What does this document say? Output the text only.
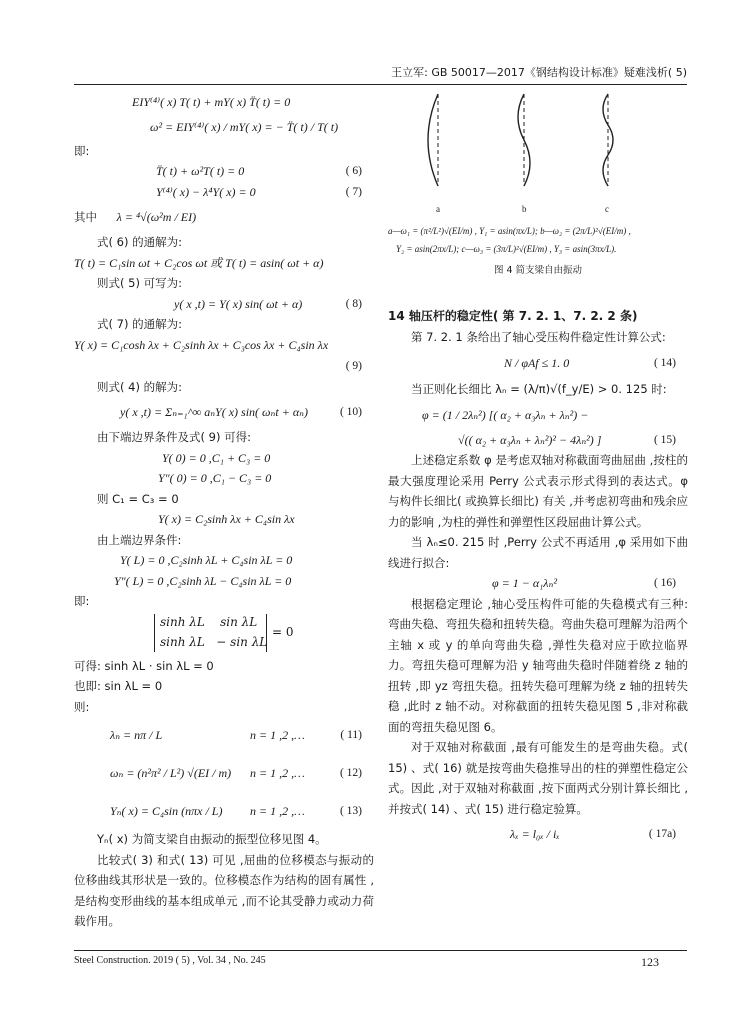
王立军: GB 50017—2017《钢结构设计标准》疑难浅析( 5)

EIY⁽⁴⁾( x) T( t) + mY( x) T̈( t) = 0

ω² = EIY⁽⁴⁾( x) / mY( x) = − T̈( t) / T( t)

即:

T̈( t) + ω²T( t) = 0	( 6)

Y⁽⁴⁾( x) − λ⁴Y( x) = 0	( 7)

其中 λ = ⁴√(ω²m / EI)

式( 6) 的通解为:

T( t) = C₁sin ωt + C₂cos ωt 或 T( t) = asin( ωt + α)

则式( 5) 可写为:

y( x ,t) = Y( x) sin( ωt + α)	( 8)

式( 7) 的通解为:

Y( x) = C₁cosh λx + C₂sinh λx + C₃cos λx + C₄sin λx

( 9)

则式( 4) 的解为:

y( x ,t) = Σₙ₌₁^∞ aₙY( x) sin( ωₙt + αₙ)	( 10)

由下端边界条件及式( 9) 可得:

Y( 0) = 0 ,C₁ + C₃ = 0

Y″( 0) = 0 ,C₁ − C₃ = 0

则 C₁ = C₃ = 0

Y( x) = C₂sinh λx + C₄sin λx

由上端边界条件:

Y( L) = 0 ,C₂sinh λL + C₄sin λL = 0

Y″( L) = 0 ,C₂sinh λL − C₄sin λL = 0

即:

sinh λL    sin λL
sinh λL   − sin λL
= 0

可得: sinh λL · sin λL = 0

也即: sin λL = 0

则:

λₙ = nπ / L	n = 1 ,2 ,…	( 11)

ωₙ = (n²π² / L²) √(EI / m) n = 1 ,2 ,…	( 12)

Yₙ( x) = C₄sin (nπx / L) n = 1 ,2 ,…	( 13)

Yₙ( x) 为简支梁自由振动的振型位移见图 4。

比较式( 3) 和式( 13) 可见 ,屈曲的位移模态与振动的位移曲线其形状是一致的。位移模态作为结构的固有属性 ,是结构变形曲线的基本组成单元 ,而不论其受静力或动力荷载作用。

a	b	c
a—ω₁ = (π²/L²)√(EI/m) , Y₁ = asin(πx/L); b—ω₂ = (2π/L)²√(EI/m) ,
Y₂ = asin(2πx/L); c—ω₃ = (3π/L)²√(EI/m) , Y₃ = asin(3πx/L).
图 4 简支梁自由振动

14 轴压杆的稳定性( 第 7. 2. 1、7. 2. 2 条)

第 7. 2. 1 条给出了轴心受压构件稳定性计算公式:

N / φAf ≤ 1. 0	( 14)

当正则化长细比 λₙ = (λ/π)√(f_y/E) > 0. 125 时:

φ = (1 / 2λₙ²) [( α₂ + α₃λₙ + λₙ²) −

√(( α₂ + α₃λₙ + λₙ²)² − 4λₙ²) ]	( 15)

上述稳定系数 φ 是考虑双轴对称截面弯曲屈曲 ,按柱的最大强度理论采用 Perry 公式表示形式得到的表达式。φ 与构件长细比( 或换算长细比) 有关 ,并考虑初弯曲和残余应力的影响 ,为柱的弹性和弹塑性区段屈曲计算公式。

当 λₙ≤0. 215 时 ,Perry 公式不再适用 ,φ 采用如下曲线进行拟合:

φ = 1 − α₁λₙ²	( 16)

根据稳定理论 ,轴心受压构件可能的失稳模式有三种: 弯曲失稳、弯扭失稳和扭转失稳。弯曲失稳可理解为沿两个主轴 x 或 y 的单向弯曲失稳 ,弹性失稳对应于欧拉临界力。弯扭失稳可理解为沿 y 轴弯曲失稳时伴随着绕 z 轴的扭转 ,即 yz 弯扭失稳。扭转失稳可理解为绕 z 轴的扭转失稳 ,此时 z 轴不动。对称截面的扭转失稳见图 5 ,非对称截面的弯扭失稳见图 6。

对于双轴对称截面 ,最有可能发生的是弯曲失稳。式( 15) 、式( 16) 就是按弯曲失稳推导出的柱的弹塑性稳定公式。因此 ,对于双轴对称截面 ,按下面两式分别计算长细比 ,并按式( 14) 、式( 15) 进行稳定验算。

λₓ = l₀ₓ / iₓ	( 17a)

Steel Construction. 2019 ( 5) , Vol. 34 , No. 245	123
